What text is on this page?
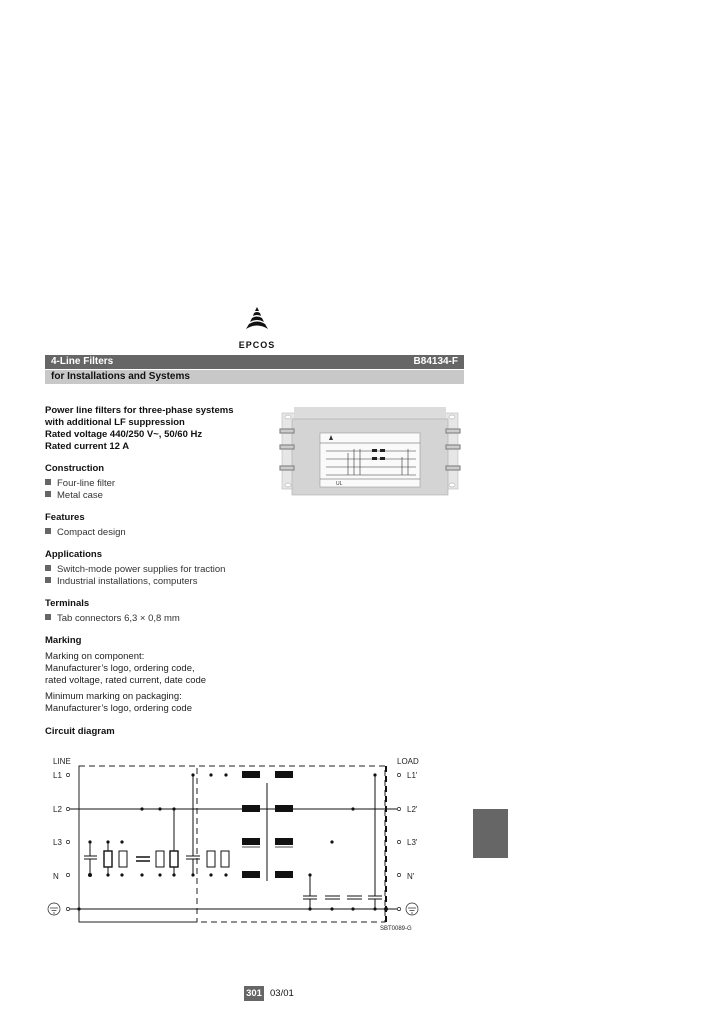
EPCOS
4-Line Filters	B84134-F
for Installations and Systems
Power line filters for three-phase systems
with additional LF suppression
Rated voltage 440/250 V~, 50/60 Hz
Rated current 12 A
Construction
Four-line filter
Metal case
Features
Compact design
Applications
Switch-mode power supplies for traction
Industrial installations, computers
Terminals
Tab connectors 6,3 × 0,8 mm
Marking
Marking on component:
Manufacturer’s logo, ordering code,
rated voltage, rated current, date code
Minimum marking on packaging:
Manufacturer’s logo, ordering code
Circuit diagram
UL
LINE	LOAD
L1
L2
L3
N
L1'
L2'
L3'
N'
SBT0089-G
301 03/01
